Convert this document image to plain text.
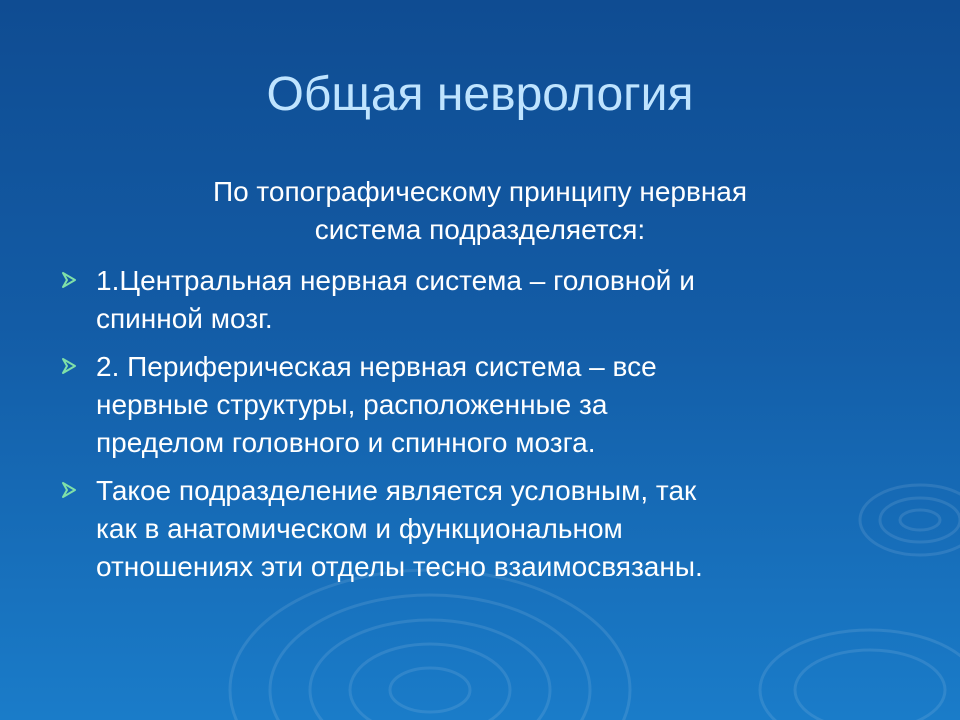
Общая неврология
По топографическому принципу нервная
система подразделяется:
1.Центральная нервная система – головной и
спинной мозг.
2. Периферическая нервная система – все
нервные структуры, расположенные за
пределом головного и спинного мозга.
Такое подразделение является условным, так
как в анатомическом и функциональном
отношениях эти отделы тесно взаимосвязаны.
